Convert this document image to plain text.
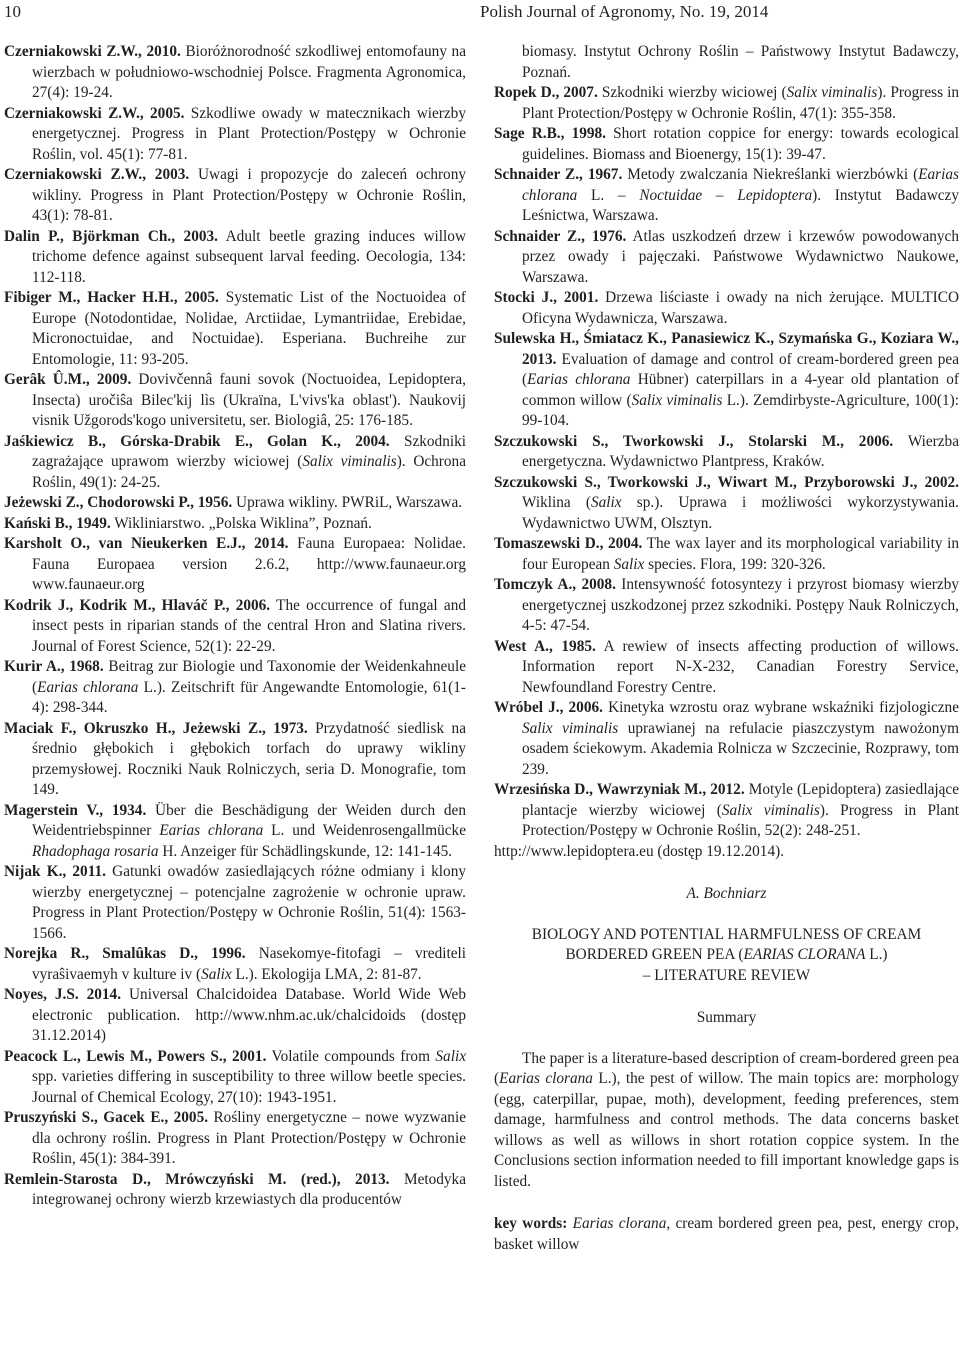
10	Polish Journal of Agronomy, No. 19, 2014

Czerniakowski Z.W., 2010. Bioróżnorodność szkodliwej entomofauny na wierzbach w południowo-wschodniej Polsce. Fragmenta Agronomica, 27(4): 19-24.

Czerniakowski Z.W., 2005. Szkodliwe owady w matecznikach wierzby energetycznej. Progress in Plant Protection/Postępy w Ochronie Roślin, vol. 45(1): 77-81.

Czerniakowski Z.W., 2003. Uwagi i propozycje do zaleceń ochrony wikliny. Progress in Plant Protection/Postępy w Ochronie Roślin, 43(1): 78-81.

Dalin P., Björkman Ch., 2003. Adult beetle grazing induces willow trichome defence against subsequent larval feeding. Oecologia, 134: 112-118.

Fibiger M., Hacker H.H., 2005. Systematic List of the Noctuoidea of Europe (Notodontidae, Nolidae, Arctiidae, Lymantriidae, Erebidae, Micronoctuidae, and Noctuidae). Esperiana. Buchreihe zur Entomologie, 11: 93-205.

Gerâk Û.M., 2009. Dovivčennâ fauni sovok (Noctuoidea, Lepidoptera, Insecta) uročiŝa Bilec'kij lìs (Ukraïna, L'vivs'ka oblast'). Naukovij visnik Užgorods'kogo universitetu, ser. Biologiâ, 25: 176-185.

Jaśkiewicz B., Górska-Drabik E., Golan K., 2004. Szkodniki zagrażające uprawom wierzby wiciowej (Salix viminalis). Ochrona Roślin, 49(1): 24-25.

Jeżewski Z., Chodorowski P., 1956. Uprawa wikliny. PWRiL, Warszawa.

Kański B., 1949. Wikliniarstwo. „Polska Wiklina”, Poznań.

Karsholt O., van Nieukerken E.J., 2014. Fauna Europaea: Nolidae. Fauna Europaea version 2.6.2, http://www.faunaeur.org www.faunaeur.org

Kodrik J., Kodrik M., Hlaváč P., 2006. The occurrence of fungal and insect pests in riparian stands of the central Hron and Slatina rivers. Journal of Forest Science, 52(1): 22-29.

Kurir A., 1968. Beitrag zur Biologie und Taxonomie der Weidenkahneule (Earias chlorana L.). Zeitschrift für Angewandte Entomologie, 61(1-4): 298-344.

Maciak F., Okruszko H., Jeżewski Z., 1973. Przydatność siedlisk na średnio głębokich i głębokich torfach do uprawy wikliny przemysłowej. Roczniki Nauk Rolniczych, seria D. Monografie, tom 149.

Magerstein V., 1934. Über die Beschädigung der Weiden durch den Weidentriebspinner Earias chlorana L. und Weidenrosengallmücke Rhadophaga rosaria H. Anzeiger für Schädlingskunde, 12: 141-145.

Nijak K., 2011. Gatunki owadów zasiedlających różne odmiany i klony wierzby energetycznej – potencjalne zagrożenie w ochronie upraw. Progress in Plant Protection/Postępy w Ochronie Roślin, 51(4): 1563-1566.

Norejka R., Smalûkas D., 1996. Nasekomye-fitofagi – vrediteli vyraŝivaemyh v kulture iv (Salix L.). Ekologija LMA, 2: 81-87.

Noyes, J.S. 2014. Universal Chalcidoidea Database. World Wide Web electronic publication. http://www.nhm.ac.uk/chalcidoids (dostęp 31.12.2014)

Peacock L., Lewis M., Powers S., 2001. Volatile compounds from Salix spp. varieties differing in susceptibility to three willow beetle species. Journal of Chemical Ecology, 27(10): 1943-1951.

Pruszyński S., Gacek E., 2005. Rośliny energetyczne – nowe wyzwanie dla ochrony roślin. Progress in Plant Protection/Postępy w Ochronie Roślin, 45(1): 384-391.

Remlein-Starosta D., Mrówczyński M. (red.), 2013. Metodyka integrowanej ochrony wierzb krzewiastych dla producentów

biomasy. Instytut Ochrony Roślin – Państwowy Instytut Badawczy, Poznań.

Ropek D., 2007. Szkodniki wierzby wiciowej (Salix viminalis). Progress in Plant Protection/Postępy w Ochronie Roślin, 47(1): 355-358.

Sage R.B., 1998. Short rotation coppice for energy: towards ecological guidelines. Biomass and Bioenergy, 15(1): 39-47.

Schnaider Z., 1967. Metody zwalczania Niekreślanki wierzbówki (Earias chlorana L. – Noctuidae – Lepidoptera). Instytut Badawczy Leśnictwa, Warszawa.

Schnaider Z., 1976. Atlas uszkodzeń drzew i krzewów powodowanych przez owady i pajęczaki. Państwowe Wydawnictwo Naukowe, Warszawa.

Stocki J., 2001. Drzewa liściaste i owady na nich żerujące. MULTICO Oficyna Wydawnicza, Warszawa.

Sulewska H., Śmiatacz K., Panasiewicz K., Szymańska G., Koziara W., 2013. Evaluation of damage and control of cream-bordered green pea (Earias chlorana Hübner) caterpillars in a 4-year old plantation of common willow (Salix viminalis L.). Zemdirbyste-Agriculture, 100(1): 99-104.

Szczukowski S., Tworkowski J., Stolarski M., 2006. Wierzba energetyczna. Wydawnictwo Plantpress, Kraków.

Szczukowski S., Tworkowski J., Wiwart M., Przyborowski J., 2002. Wiklina (Salix sp.). Uprawa i możliwości wykorzystywania. Wydawnictwo UWM, Olsztyn.

Tomaszewski D., 2004. The wax layer and its morphological variability in four European Salix species. Flora, 199: 320-326.

Tomczyk A., 2008. Intensywność fotosyntezy i przyrost biomasy wierzby energetycznej uszkodzonej przez szkodniki. Postępy Nauk Rolniczych, 4-5: 47-54.

West A., 1985. A rewiew of insects affecting production of willows. Information report N-X-232, Canadian Forestry Service, Newfoundland Forestry Centre.

Wróbel J., 2006. Kinetyka wzrostu oraz wybrane wskaźniki fizjologiczne Salix viminalis uprawianej na refulacie piaszczystym nawożonym osadem ściekowym. Akademia Rolnicza w Szczecinie, Rozprawy, tom 239.

Wrzesińska D., Wawrzyniak M., 2012. Motyle (Lepidoptera) zasiedlające plantacje wierzby wiciowej (Salix viminalis). Progress in Plant Protection/Postępy w Ochronie Roślin, 52(2): 248-251.

http://www.lepidoptera.eu (dostęp 19.12.2014).

A. Bochniarz

BIOLOGY AND POTENTIAL HARMFULNESS OF CREAM
BORDERED GREEN PEA (EARIAS CLORANA L.)
– LITERATURE REVIEW

Summary

The paper is a literature-based description of cream-bordered green pea (Earias clorana L.), the pest of willow. The main topics are: morphology (egg, caterpillar, pupae, moth), development, feeding preferences, stem damage, harmfulness and control methods. The data concerns basket willows as well as willows in short rotation coppice system. In the Conclusions section information needed to fill important knowledge gaps is listed.

key words: Earias clorana, cream bordered green pea, pest, energy crop, basket willow
